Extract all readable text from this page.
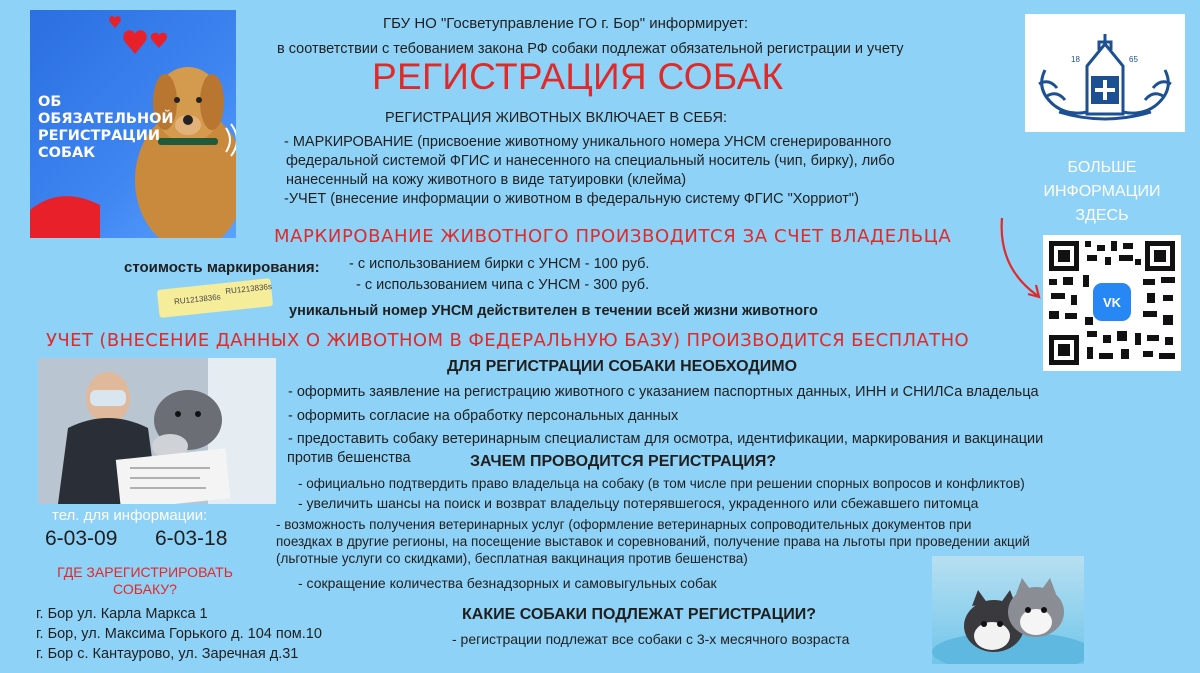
ГБУ НО "Госветуправление ГО г. Бор" информирует:
в соответствии с тебованием закона РФ собаки подлежат обязательной регистрации и учету
РЕГИСТРАЦИЯ СОБАК
ОБ
ОБЯЗАТЕЛЬНОЙ
РЕГИСТРАЦИИ
СОБАК
18	65
РЕГИСТРАЦИЯ ЖИВОТНЫХ ВКЛЮЧАЕТ В СЕБЯ:
- МАРКИРОВАНИЕ (присвоение животному уникального номера УНСМ сгенерированного
федеральной системой ФГИС и нанесенного на специальный носитель (чип, бирку), либо
нанесенный на кожу животного в виде татуировки (клейма)
-УЧЕТ (внесение информации о животном в федеральную систему ФГИС "Хорриот")
БОЛЬШЕ
ИНФОРМАЦИИ
ЗДЕСЬ
VK
МАРКИРОВАНИЕ ЖИВОТНОГО ПРОИЗВОДИТСЯ ЗА СЧЕТ ВЛАДЕЛЬЦА
стоимость маркирования: - с использованием бирки с УНСМ - 100 руб.
- с использованием чипа с УНСМ - 300 руб.
RU1213836s
RU1213836s
уникальный номер УНСМ действителен в течении всей жизни животного
УЧЕТ (ВНЕСЕНИЕ ДАННЫХ О ЖИВОТНОМ В ФЕДЕРАЛЬНУЮ БАЗУ) ПРОИЗВОДИТСЯ БЕСПЛАТНО
ДЛЯ РЕГИСТРАЦИИ СОБАКИ НЕОБХОДИМО
- оформить заявление на регистрацию животного с указанием паспортных данных, ИНН и СНИЛСа владельца
- оформить согласие на обработку персональных данных
- предоставить собаку ветеринарным специалистам для осмотра, идентификации, маркирования и вакцинации
против бешенства	ЗАЧЕМ ПРОВОДИТСЯ РЕГИСТРАЦИЯ?
- официально подтвердить право владельца на собаку (в том числе при решении спорных вопросов и конфликтов)
- увеличить шансы на поиск и возврат владельцу потерявшегося, украденного или сбежавшего питомца
- возможность получения ветеринарных услуг (оформление ветеринарных сопроводительных документов при
поездках в другие регионы, на посещение выставок и соревнований, получение права на льготы при проведении акций
(льготные услуги со скидками), бесплатная вакцинация против бешенства)
- сокращение количества безнадзорных и самовыгульных собак
КАКИЕ СОБАКИ ПОДЛЕЖАТ РЕГИСТРАЦИИ?
- регистрации подлежат все собаки с 3-х месячного возраста
тел. для информации:
6-03-09 6-03-18
ГДЕ ЗАРЕГИСТРИРОВАТЬ
СОБАКУ?
г. Бор ул. Карла Маркса 1
г. Бор, ул. Максима Горького д. 104 пом.10
г. Бор с. Кантаурово, ул. Заречная д.31
